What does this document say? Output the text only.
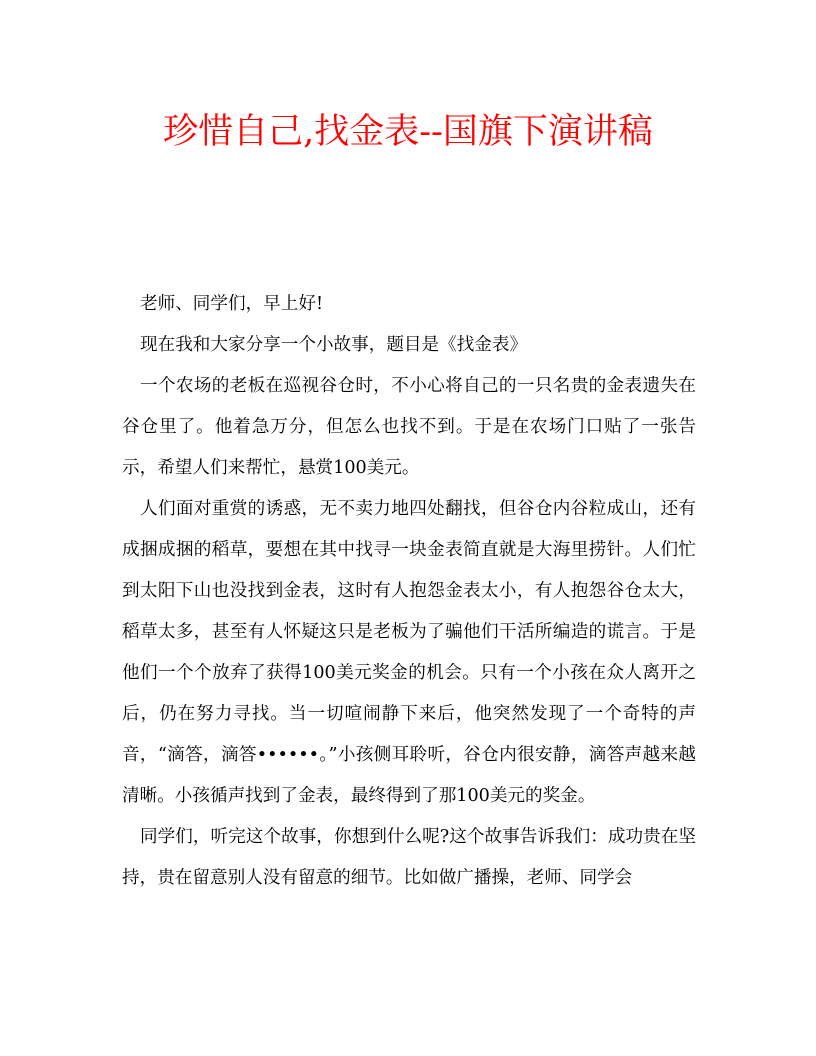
珍惜自己,找金表--国旗下演讲稿

老师、同学们，早上好!

现在我和大家分享一个小故事，题目是《找金表》

一个农场的老板在巡视谷仓时，不小心将自己的一只名贵的金表遗失在谷仓里了。他着急万分，但怎么也找不到。于是在农场门口贴了一张告示，希望人们来帮忙，悬赏100美元。

人们面对重赏的诱惑，无不卖力地四处翻找，但谷仓内谷粒成山，还有成捆成捆的稻草，要想在其中找寻一块金表简直就是大海里捞针。人们忙到太阳下山也没找到金表，这时有人抱怨金表太小，有人抱怨谷仓太大，稻草太多，甚至有人怀疑这只是老板为了骗他们干活所编造的谎言。于是他们一个个放弃了获得100美元奖金的机会。只有一个小孩在众人离开之后，仍在努力寻找。当一切喧闹静下来后，他突然发现了一个奇特的声音，“滴答，滴答••••••。”小孩侧耳聆听，谷仓内很安静，滴答声越来越清晰。小孩循声找到了金表，最终得到了那100美元的奖金。

同学们，听完这个故事，你想到什么呢?这个故事告诉我们：成功贵在坚持，贵在留意别人没有留意的细节。比如做广播操，老师、同学会
